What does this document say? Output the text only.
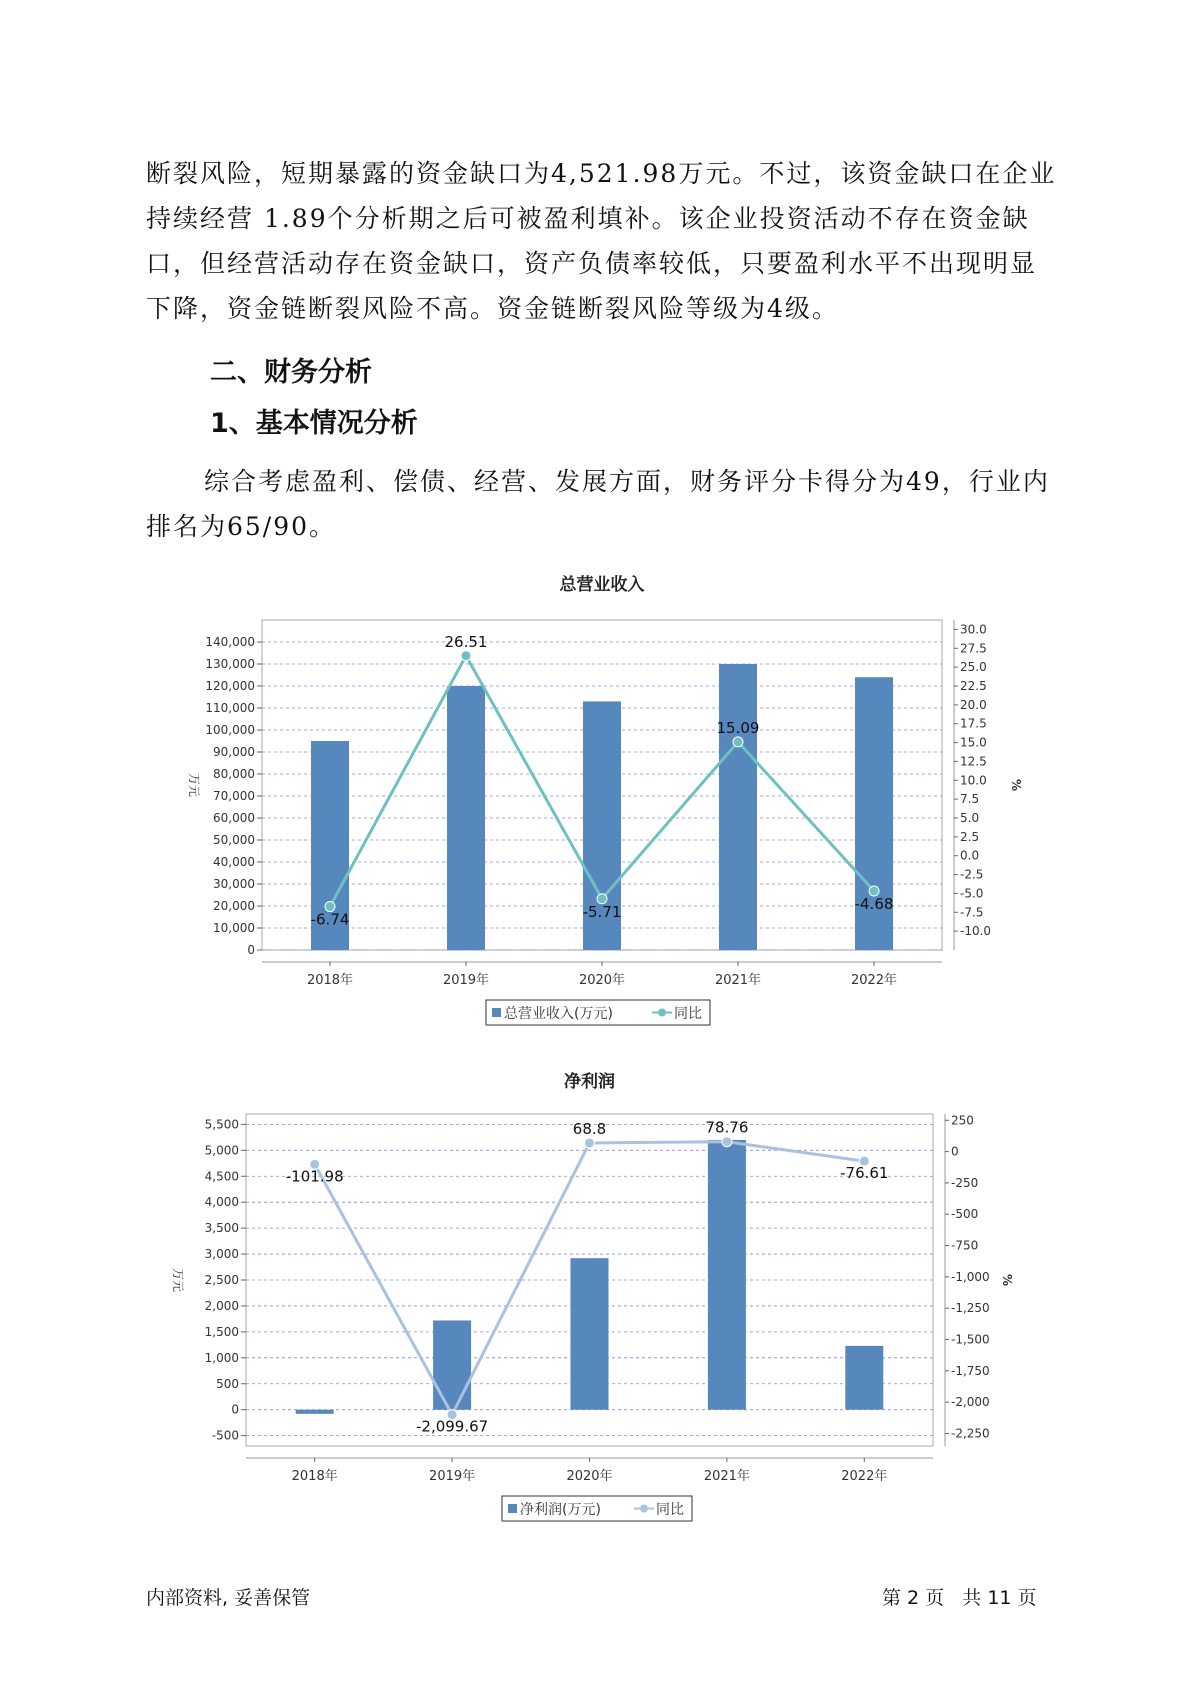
断裂风险，短期暴露的资金缺口为4,521.98万元。不过，该资金缺口在企业持续经营 1.89个分析期之后可被盈利填补。该企业投资活动不存在资金缺口，但经营活动存在资金缺口，资产负债率较低，只要盈利水平不出现明显下降，资金链断裂风险不高。资金链断裂风险等级为4级。

二、财务分析
1、基本情况分析

综合考虑盈利、偿债、经营、发展方面，财务评分卡得分为49，行业内排名为65/90。

总营业收入
0
10,000
20,000
30,000
40,000
50,000
60,000
70,000
80,000
90,000
100,000
110,000
120,000
130,000
140,000
-10.0
-7.5
-5.0
-2.5
0.0
2.5
5.0
7.5
10.0
12.5
15.0
17.5
20.0
22.5
25.0
27.5
30.0
万元	%
2018年	2019年	2020年	2021年	2022年
-6.74
26.51
-5.71
15.09
-4.68
总营业收入(万元)	同比
净利润
-500
0
500
1,000
1,500
2,000
2,500
3,000
3,500
4,000
4,500
5,000
5,500
-2,250
-2,000
-1,750
-1,500
-1,250
-1,000
-750
-500
-250
0
250
万元	%
2018年	2019年	2020年	2021年	2022年
-101.98
-2,099.67
68.8	78.76
-76.61
净利润(万元)	同比
内部资料, 妥善保管	第 2 页   共 11 页
